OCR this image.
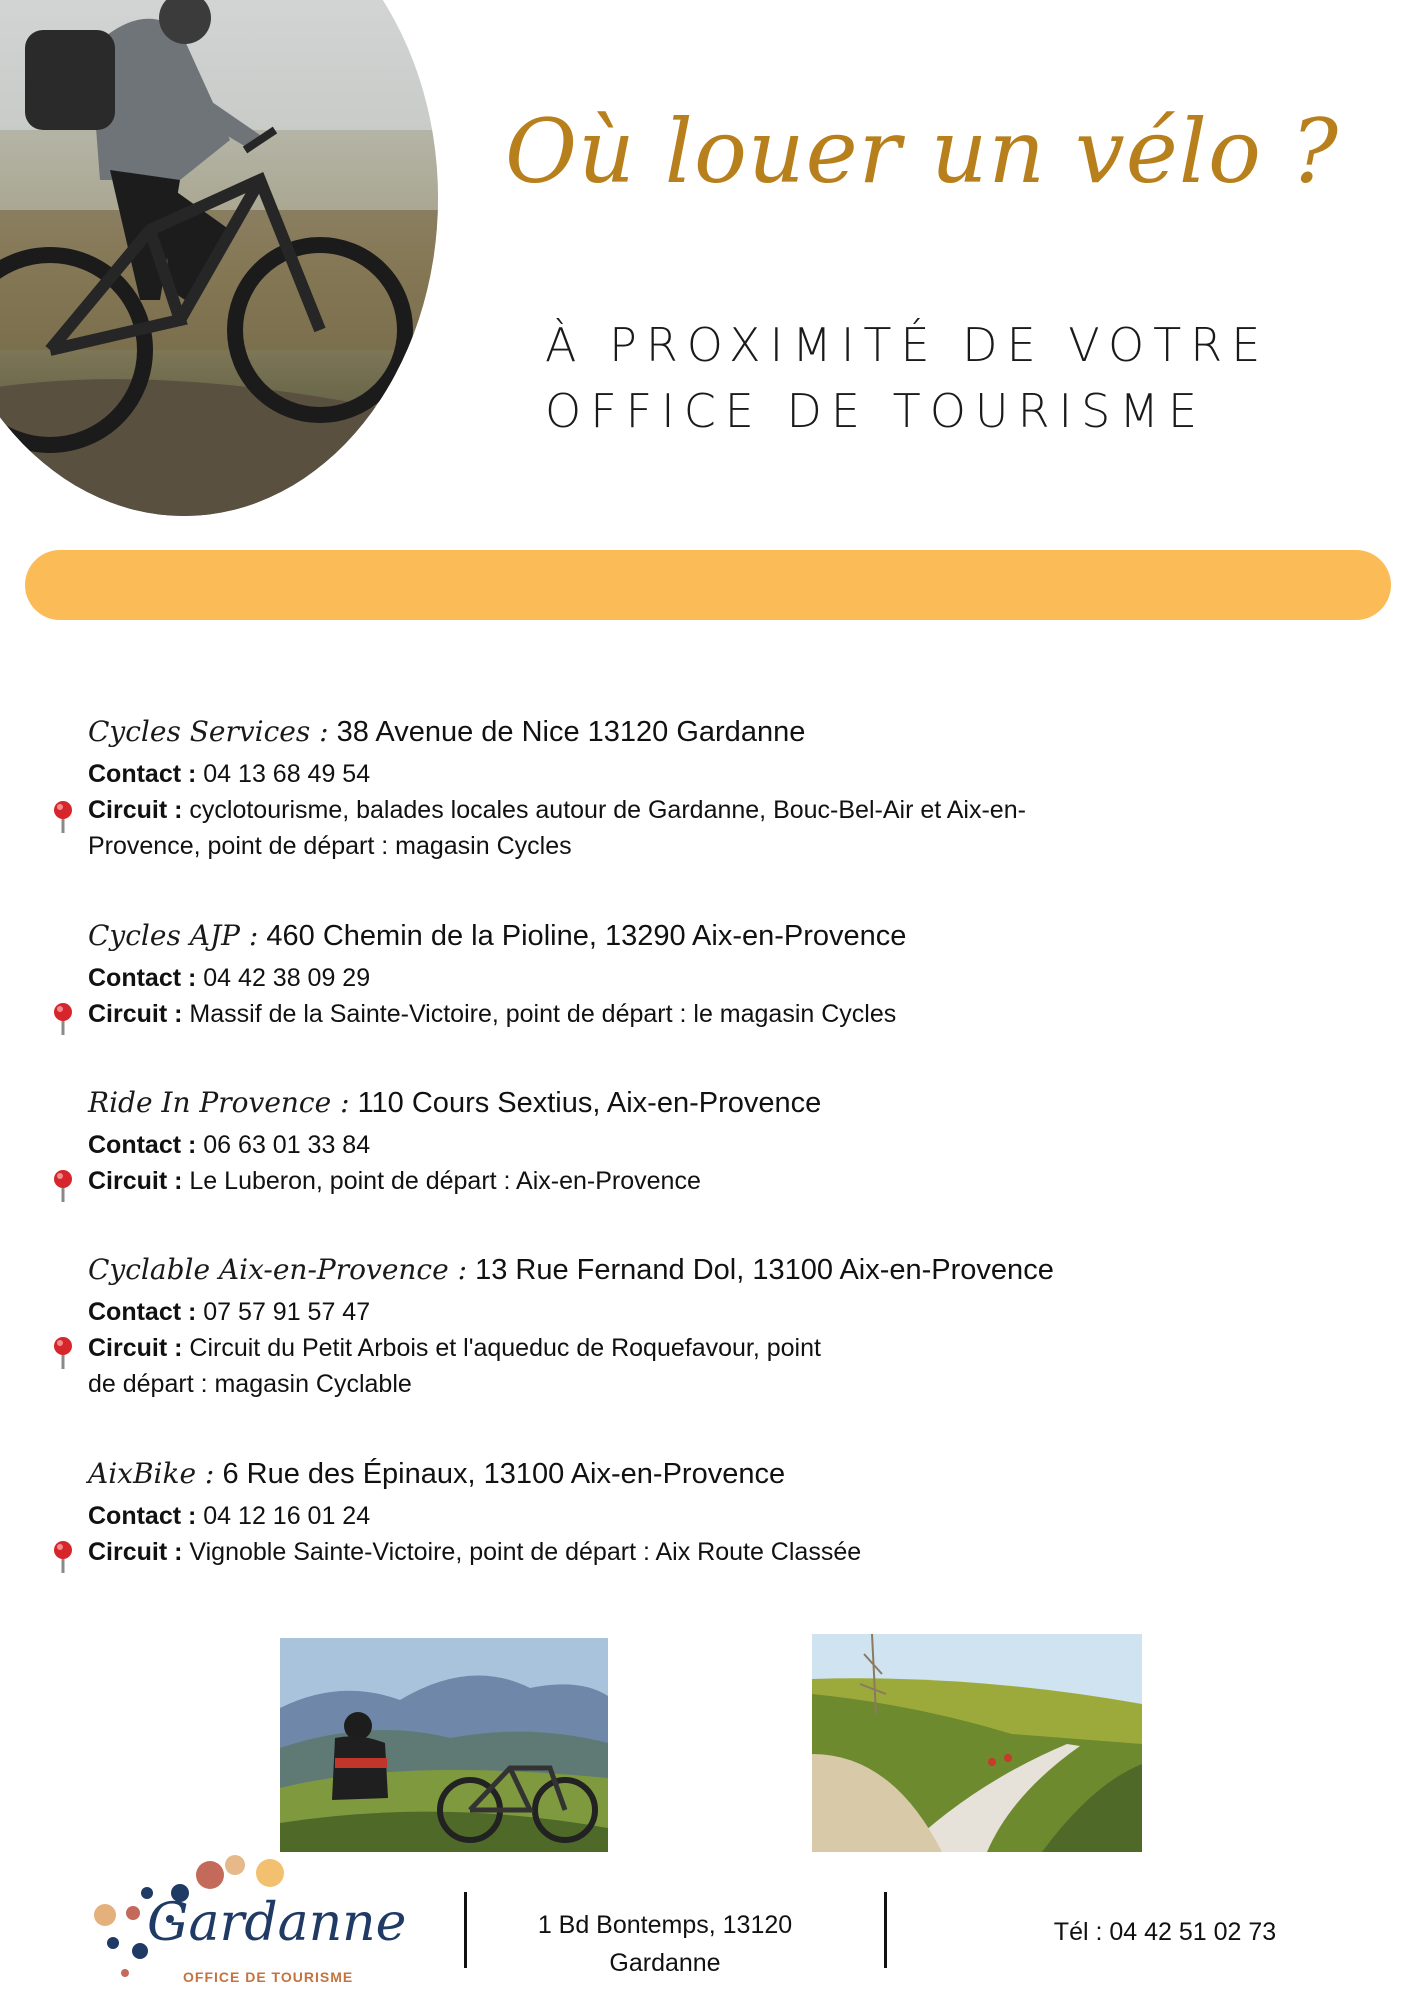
Où louer un vélo ?
À PROXIMITÉ DE VOTRE
OFFICE DE TOURISME
Cycles Services : 38 Avenue de Nice 13120 Gardanne
Contact : 04 13 68 49 54
Circuit : cyclotourisme, balades locales autour de Gardanne, Bouc-Bel-Air et Aix-en-
Provence, point de départ : magasin Cycles
Cycles AJP : 460 Chemin de la Pioline, 13290 Aix-en-Provence
Contact : 04 42 38 09 29
Circuit : Massif de la Sainte-Victoire, point de départ : le magasin Cycles
Ride In Provence : 110 Cours Sextius, Aix-en-Provence
Contact : 06 63 01 33 84
Circuit : Le Luberon, point de départ : Aix-en-Provence
Cyclable Aix-en-Provence : 13 Rue Fernand Dol, 13100 Aix-en-Provence
Contact : 07 57 91 57 47
Circuit : Circuit du Petit Arbois et l'aqueduc de Roquefavour, point
de départ : magasin Cyclable
AixBike : 6 Rue des Épinaux, 13100 Aix-en-Provence
Contact : 04 12 16 01 24
Circuit : Vignoble Sainte-Victoire, point de départ : Aix Route Classée
Gardanne
OFFICE DE TOURISME
1 Bd Bontemps, 13120
Gardanne
Tél : 04 42 51 02 73
